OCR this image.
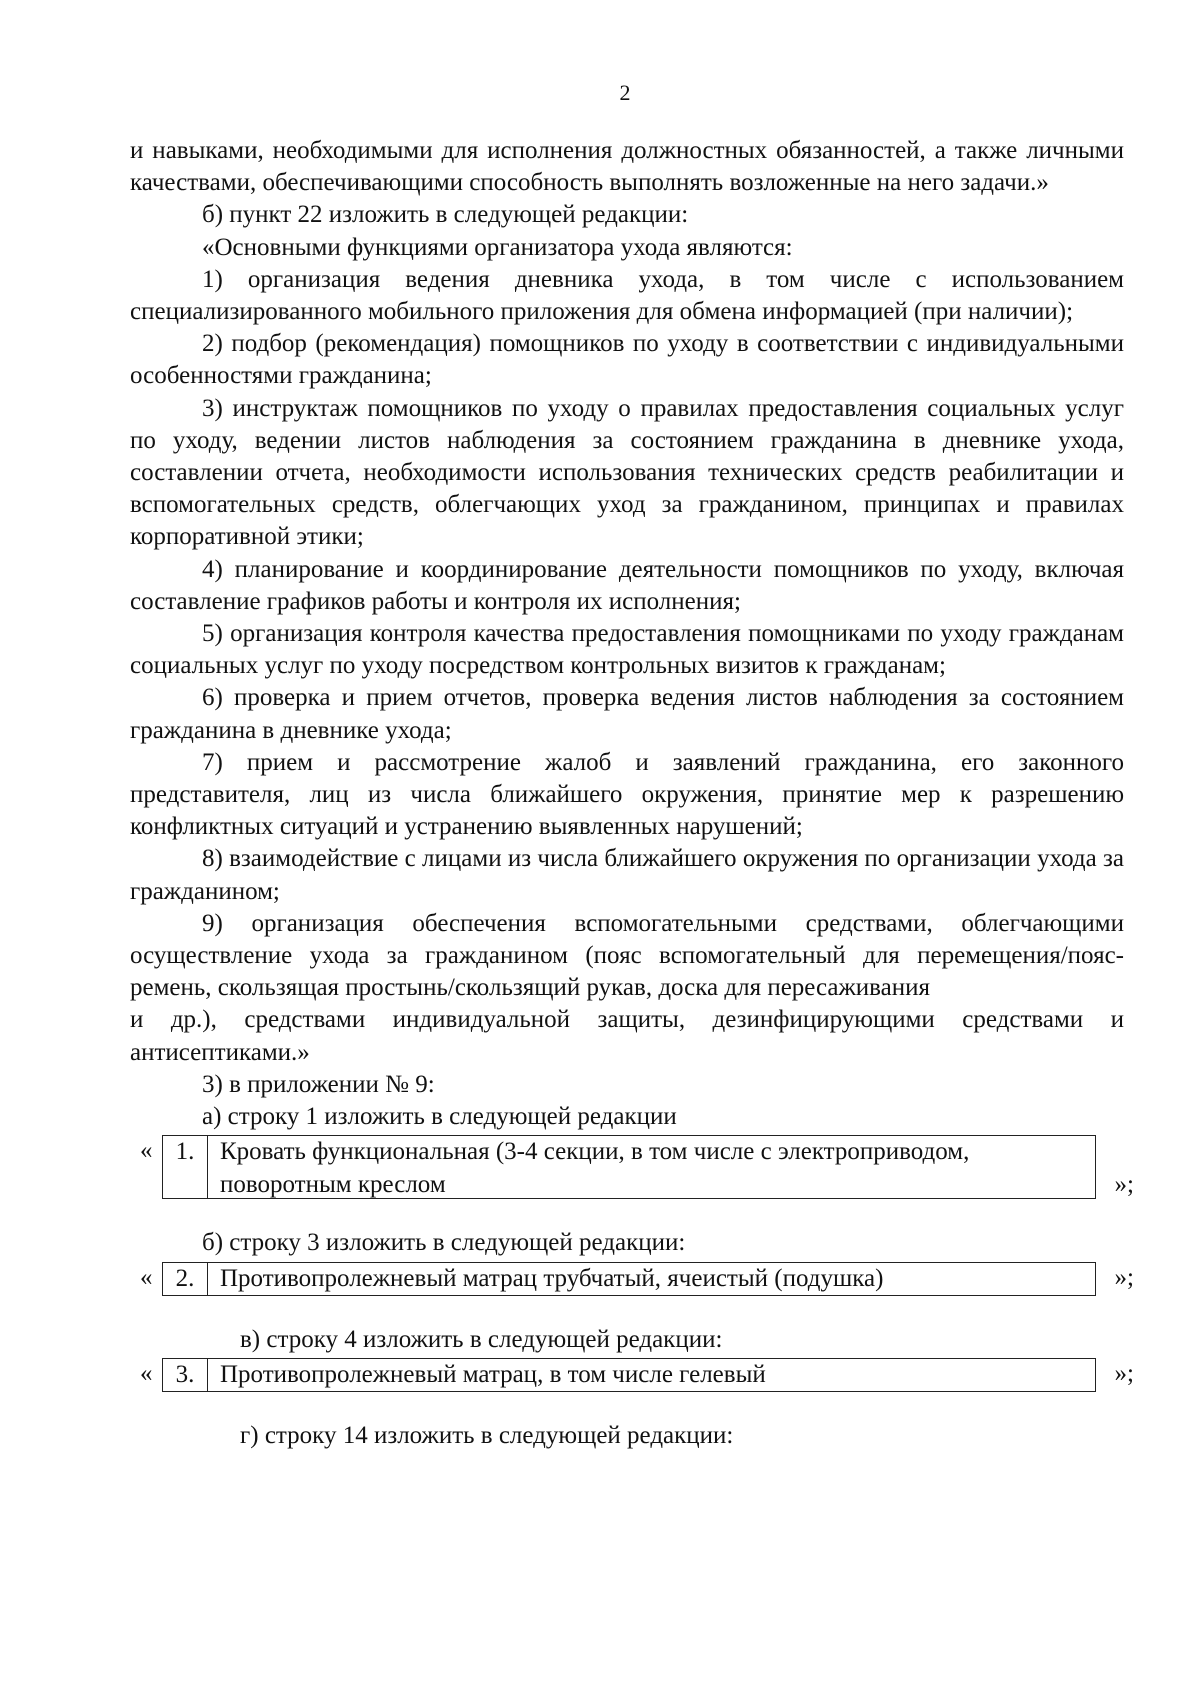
2

и навыками, необходимыми для исполнения должностных обязанностей, а также личными качествами, обеспечивающими способность выполнять возложенные на него задачи.»

б) пункт 22 изложить в следующей редакции:

«Основными функциями организатора ухода являются:

1) организация ведения дневника ухода, в том числе с использованием специализированного мобильного приложения для обмена информацией (при наличии);

2) подбор (рекомендация) помощников по уходу в соответствии с индивидуальными особенностями гражданина;

3) инструктаж помощников по уходу о правилах предоставления социальных услуг по уходу, ведении листов наблюдения за состоянием гражданина в дневнике ухода, составлении отчета, необходимости использования технических средств реабилитации и вспомогательных средств, облегчающих уход за гражданином, принципах и правилах корпоративной этики;

4) планирование и координирование деятельности помощников по уходу, включая составление графиков работы и контроля их исполнения;

5) организация контроля качества предоставления помощниками по уходу гражданам социальных услуг по уходу посредством контрольных визитов к гражданам;

6) проверка и прием отчетов, проверка ведения листов наблюдения за состоянием гражданина в дневнике ухода;

7) прием и рассмотрение жалоб и заявлений гражданина, его законного представителя, лиц из числа ближайшего окружения, принятие мер к разрешению конфликтных ситуаций и устранению выявленных нарушений;

8) взаимодействие с лицами из числа ближайшего окружения по организации ухода за гражданином;

9) организация обеспечения вспомогательными средствами, облегчающими осуществление ухода за гражданином (пояс вспомогательный для перемещения/пояс-ремень, скользящая простынь/скользящий рукав, доска для пересаживания

и др.), средствами индивидуальной защиты, дезинфицирующими средствами и антисептиками.»

3) в приложении № 9:

а) строку 1 изложить в следующей редакции

« 1.	Кровать функциональная (3-4 секции, в том числе с электроприводом, поворотным креслом	»;

б) строку 3 изложить в следующей редакции:

« 2.	Противопролежневый матрац трубчатый, ячеистый (подушка)	»;

в) строку 4 изложить в следующей редакции:

« 3.	Противопролежневый матрац, в том числе гелевый	»;

г) строку 14 изложить в следующей редакции:
